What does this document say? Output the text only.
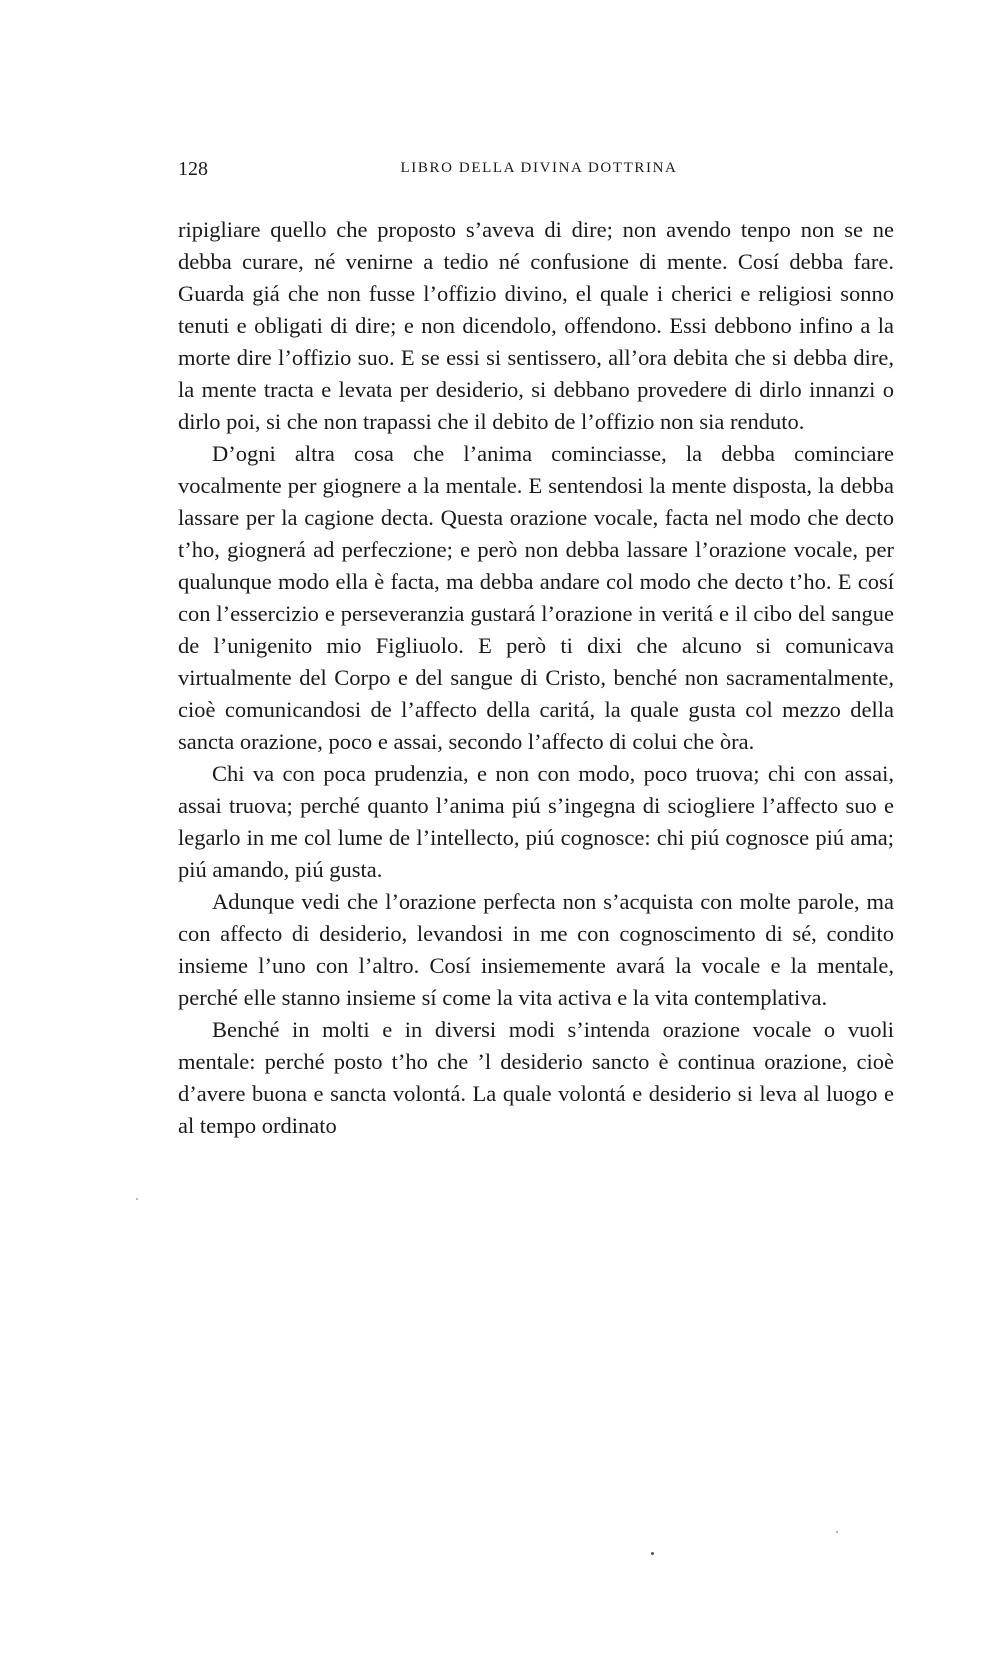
128	LIBRO DELLA DIVINA DOTTRINA

ripigliare quello che proposto s’aveva di dire; non avendo tenpo non se ne debba curare, né venirne a tedio né confusione di mente. Cosí debba fare. Guarda giá che non fusse l’offizio divino, el quale i cherici e religiosi sonno tenuti e obligati di dire; e non dicendolo, offendono. Essi debbono infino a la morte dire l’offizio suo. E se essi si sentissero, all’ora debita che si debba dire, la mente tracta e levata per desiderio, si debbano provedere di dirlo innanzi o dirlo poi, si che non trapassi che il debito de l’offizio non sia renduto.

D’ogni altra cosa che l’anima cominciasse, la debba cominciare vocalmente per giognere a la mentale. E sentendosi la mente disposta, la debba lassare per la cagione decta. Questa orazione vocale, facta nel modo che decto t’ho, giognerá ad perfeczione; e però non debba lassare l’orazione vocale, per qualunque modo ella è facta, ma debba andare col modo che decto t’ho. E cosí con l’essercizio e perseveranzia gustará l’orazione in veritá e il cibo del sangue de l’unigenito mio Figliuolo. E però ti dixi che alcuno si comunicava virtualmente del Corpo e del sangue di Cristo, benché non sacramentalmente, cioè comunicandosi de l’affecto della caritá, la quale gusta col mezzo della sancta orazione, poco e assai, secondo l’affecto di colui che òra.

Chi va con poca prudenzia, e non con modo, poco truova; chi con assai, assai truova; perché quanto l’anima piú s’ingegna di sciogliere l’affecto suo e legarlo in me col lume de l’intellecto, piú cognosce: chi piú cognosce piú ama; piú amando, piú gusta.

Adunque vedi che l’orazione perfecta non s’acquista con molte parole, ma con affecto di desiderio, levandosi in me con cognoscimento di sé, condito insieme l’uno con l’altro. Cosí insiememente avará la vocale e la mentale, perché elle stanno insieme sí come la vita activa e la vita contemplativa.

Benché in molti e in diversi modi s’intenda orazione vocale o vuoli mentale: perché posto t’ho che ’l desiderio sancto è continua orazione, cioè d’avere buona e sancta volontá. La quale volontá e desiderio si leva al luogo e al tempo ordinato
